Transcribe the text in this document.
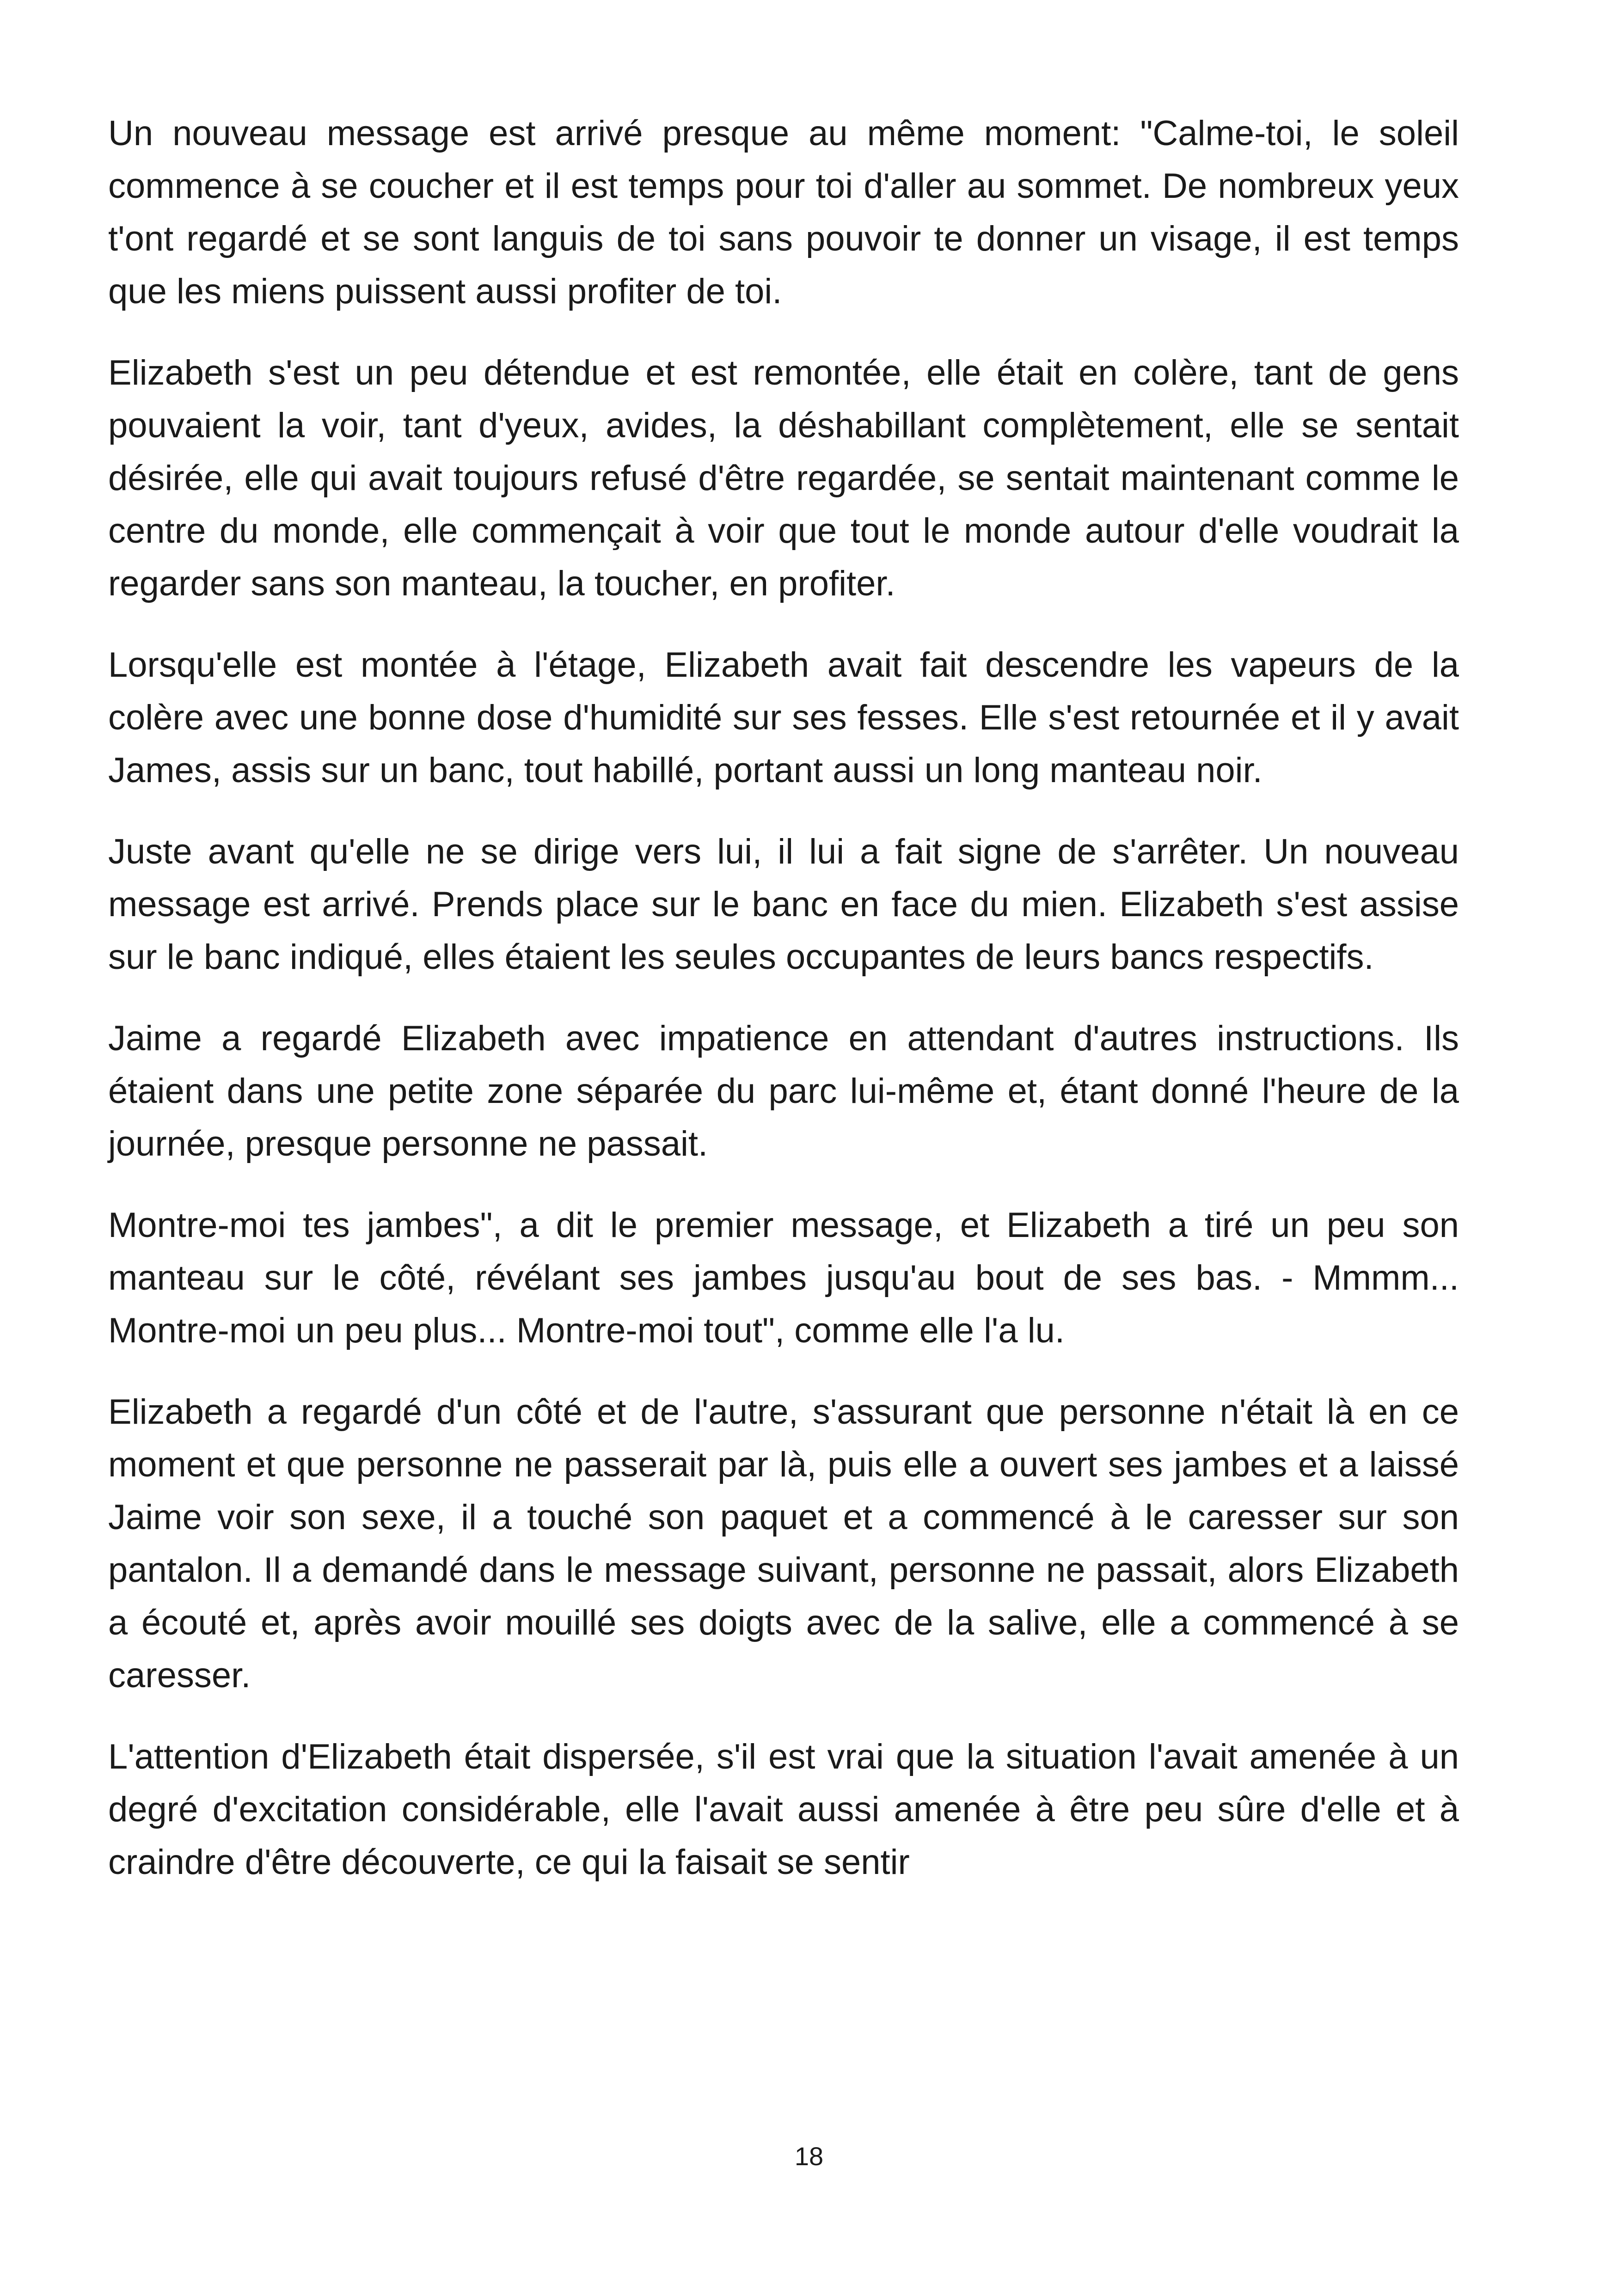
Un nouveau message est arrivé presque au même moment: "Calme-toi, le soleil commence à se coucher et il est temps pour toi d'aller au sommet. De nombreux yeux t'ont regardé et se sont languis de toi sans pouvoir te donner un visage, il est temps que les miens puissent aussi profiter de toi.

Elizabeth s'est un peu détendue et est remontée, elle était en colère, tant de gens pouvaient la voir, tant d'yeux, avides, la déshabillant complètement, elle se sentait désirée, elle qui avait toujours refusé d'être regardée, se sentait maintenant comme le centre du monde, elle commençait à voir que tout le monde autour d'elle voudrait la regarder sans son manteau, la toucher, en profiter.

Lorsqu'elle est montée à l'étage, Elizabeth avait fait descendre les vapeurs de la colère avec une bonne dose d'humidité sur ses fesses. Elle s'est retournée et il y avait James, assis sur un banc, tout habillé, portant aussi un long manteau noir.

Juste avant qu'elle ne se dirige vers lui, il lui a fait signe de s'arrêter. Un nouveau message est arrivé. Prends place sur le banc en face du mien. Elizabeth s'est assise sur le banc indiqué, elles étaient les seules occupantes de leurs bancs respectifs.

Jaime a regardé Elizabeth avec impatience en attendant d'autres instructions. Ils étaient dans une petite zone séparée du parc lui-même et, étant donné l'heure de la journée, presque personne ne passait.

Montre-moi tes jambes", a dit le premier message, et Elizabeth a tiré un peu son manteau sur le côté, révélant ses jambes jusqu'au bout de ses bas. - Mmmm... Montre-moi un peu plus... Montre-moi tout", comme elle l'a lu.

Elizabeth a regardé d'un côté et de l'autre, s'assurant que personne n'était là en ce moment et que personne ne passerait par là, puis elle a ouvert ses jambes et a laissé Jaime voir son sexe, il a touché son paquet et a commencé à le caresser sur son pantalon. Il a demandé dans le message suivant, personne ne passait, alors Elizabeth a écouté et, après avoir mouillé ses doigts avec de la salive, elle a commencé à se caresser.

L'attention d'Elizabeth était dispersée, s'il est vrai que la situation l'avait amenée à un degré d'excitation considérable, elle l'avait aussi amenée à être peu sûre d'elle et à craindre d'être découverte, ce qui la faisait se sentir

18
